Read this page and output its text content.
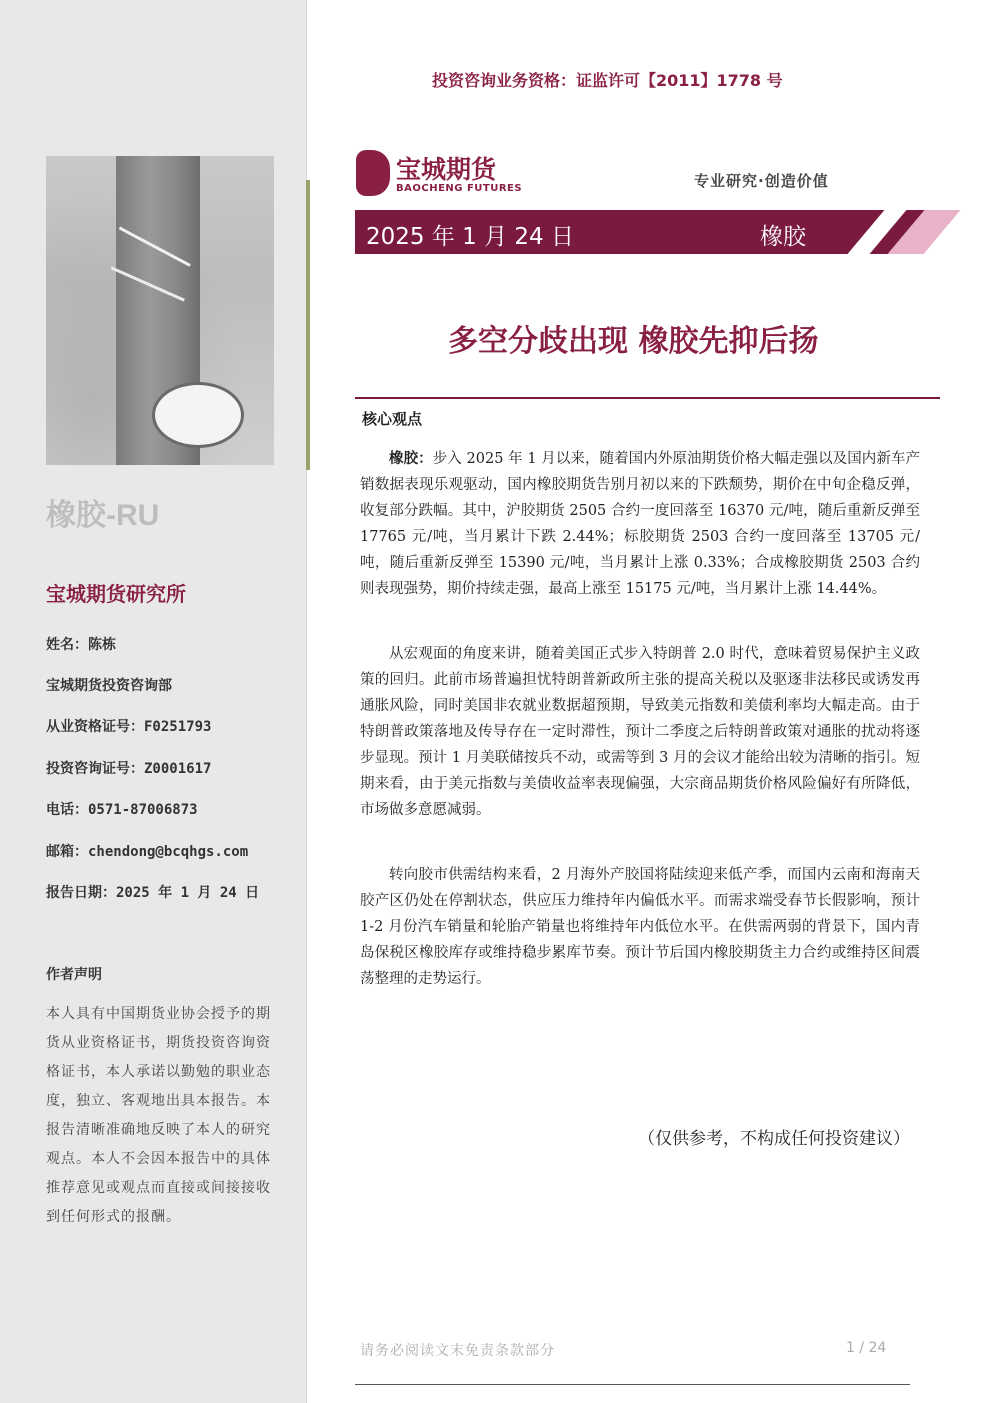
橡胶-RU
宝城期货研究所
姓名：陈栋
宝城期货投资咨询部
从业资格证号：F0251793
投资咨询证号：Z0001617
电话：0571-87006873
邮箱：chendong@bcqhgs.com
报告日期：2025 年 1 月 24 日
作者声明
本人具有中国期货业协会授予的期货从业资格证书，期货投资咨询资格证书，本人承诺以勤勉的职业态度，独立、客观地出具本报告。本报告清晰准确地反映了本人的研究观点。本人不会因本报告中的具体推荐意见或观点而直接或间接接收到任何形式的报酬。
投资咨询业务资格：证监许可【2011】1778 号
宝城期货
BAOCHENG FUTURES	专业研究·创造价值
2025 年 1 月 24 日	橡胶
多空分歧出现 橡胶先抑后扬
核心观点

橡胶：步入 2025 年 1 月以来，随着国内外原油期货价格大幅走强以及国内新车产销数据表现乐观驱动，国内橡胶期货告别月初以来的下跌颓势，期价在中旬企稳反弹，收复部分跌幅。其中，沪胶期货 2505 合约一度回落至 16370 元/吨，随后重新反弹至 17765 元/吨，当月累计下跌 2.44%；标胶期货 2503 合约一度回落至 13705 元/吨，随后重新反弹至 15390 元/吨，当月累计上涨 0.33%；合成橡胶期货 2503 合约则表现强势，期价持续走强，最高上涨至 15175 元/吨，当月累计上涨 14.44%。

从宏观面的角度来讲，随着美国正式步入特朗普 2.0 时代，意味着贸易保护主义政策的回归。此前市场普遍担忧特朗普新政所主张的提高关税以及驱逐非法移民或诱发再通胀风险，同时美国非农就业数据超预期，导致美元指数和美债利率均大幅走高。由于特朗普政策落地及传导存在一定时滞性，预计二季度之后特朗普政策对通胀的扰动将逐步显现。预计 1 月美联储按兵不动，或需等到 3 月的会议才能给出较为清晰的指引。短期来看，由于美元指数与美债收益率表现偏强，大宗商品期货价格风险偏好有所降低，市场做多意愿减弱。

转向胶市供需结构来看，2 月海外产胶国将陆续迎来低产季，而国内云南和海南天胶产区仍处在停割状态，供应压力维持年内偏低水平。而需求端受春节长假影响，预计 1-2 月份汽车销量和轮胎产销量也将维持年内低位水平。在供需两弱的背景下，国内青岛保税区橡胶库存或维持稳步累库节奏。预计节后国内橡胶期货主力合约或维持区间震荡整理的走势运行。

（仅供参考，不构成任何投资建议）
请务必阅读文末免责条款部分	1 / 24
